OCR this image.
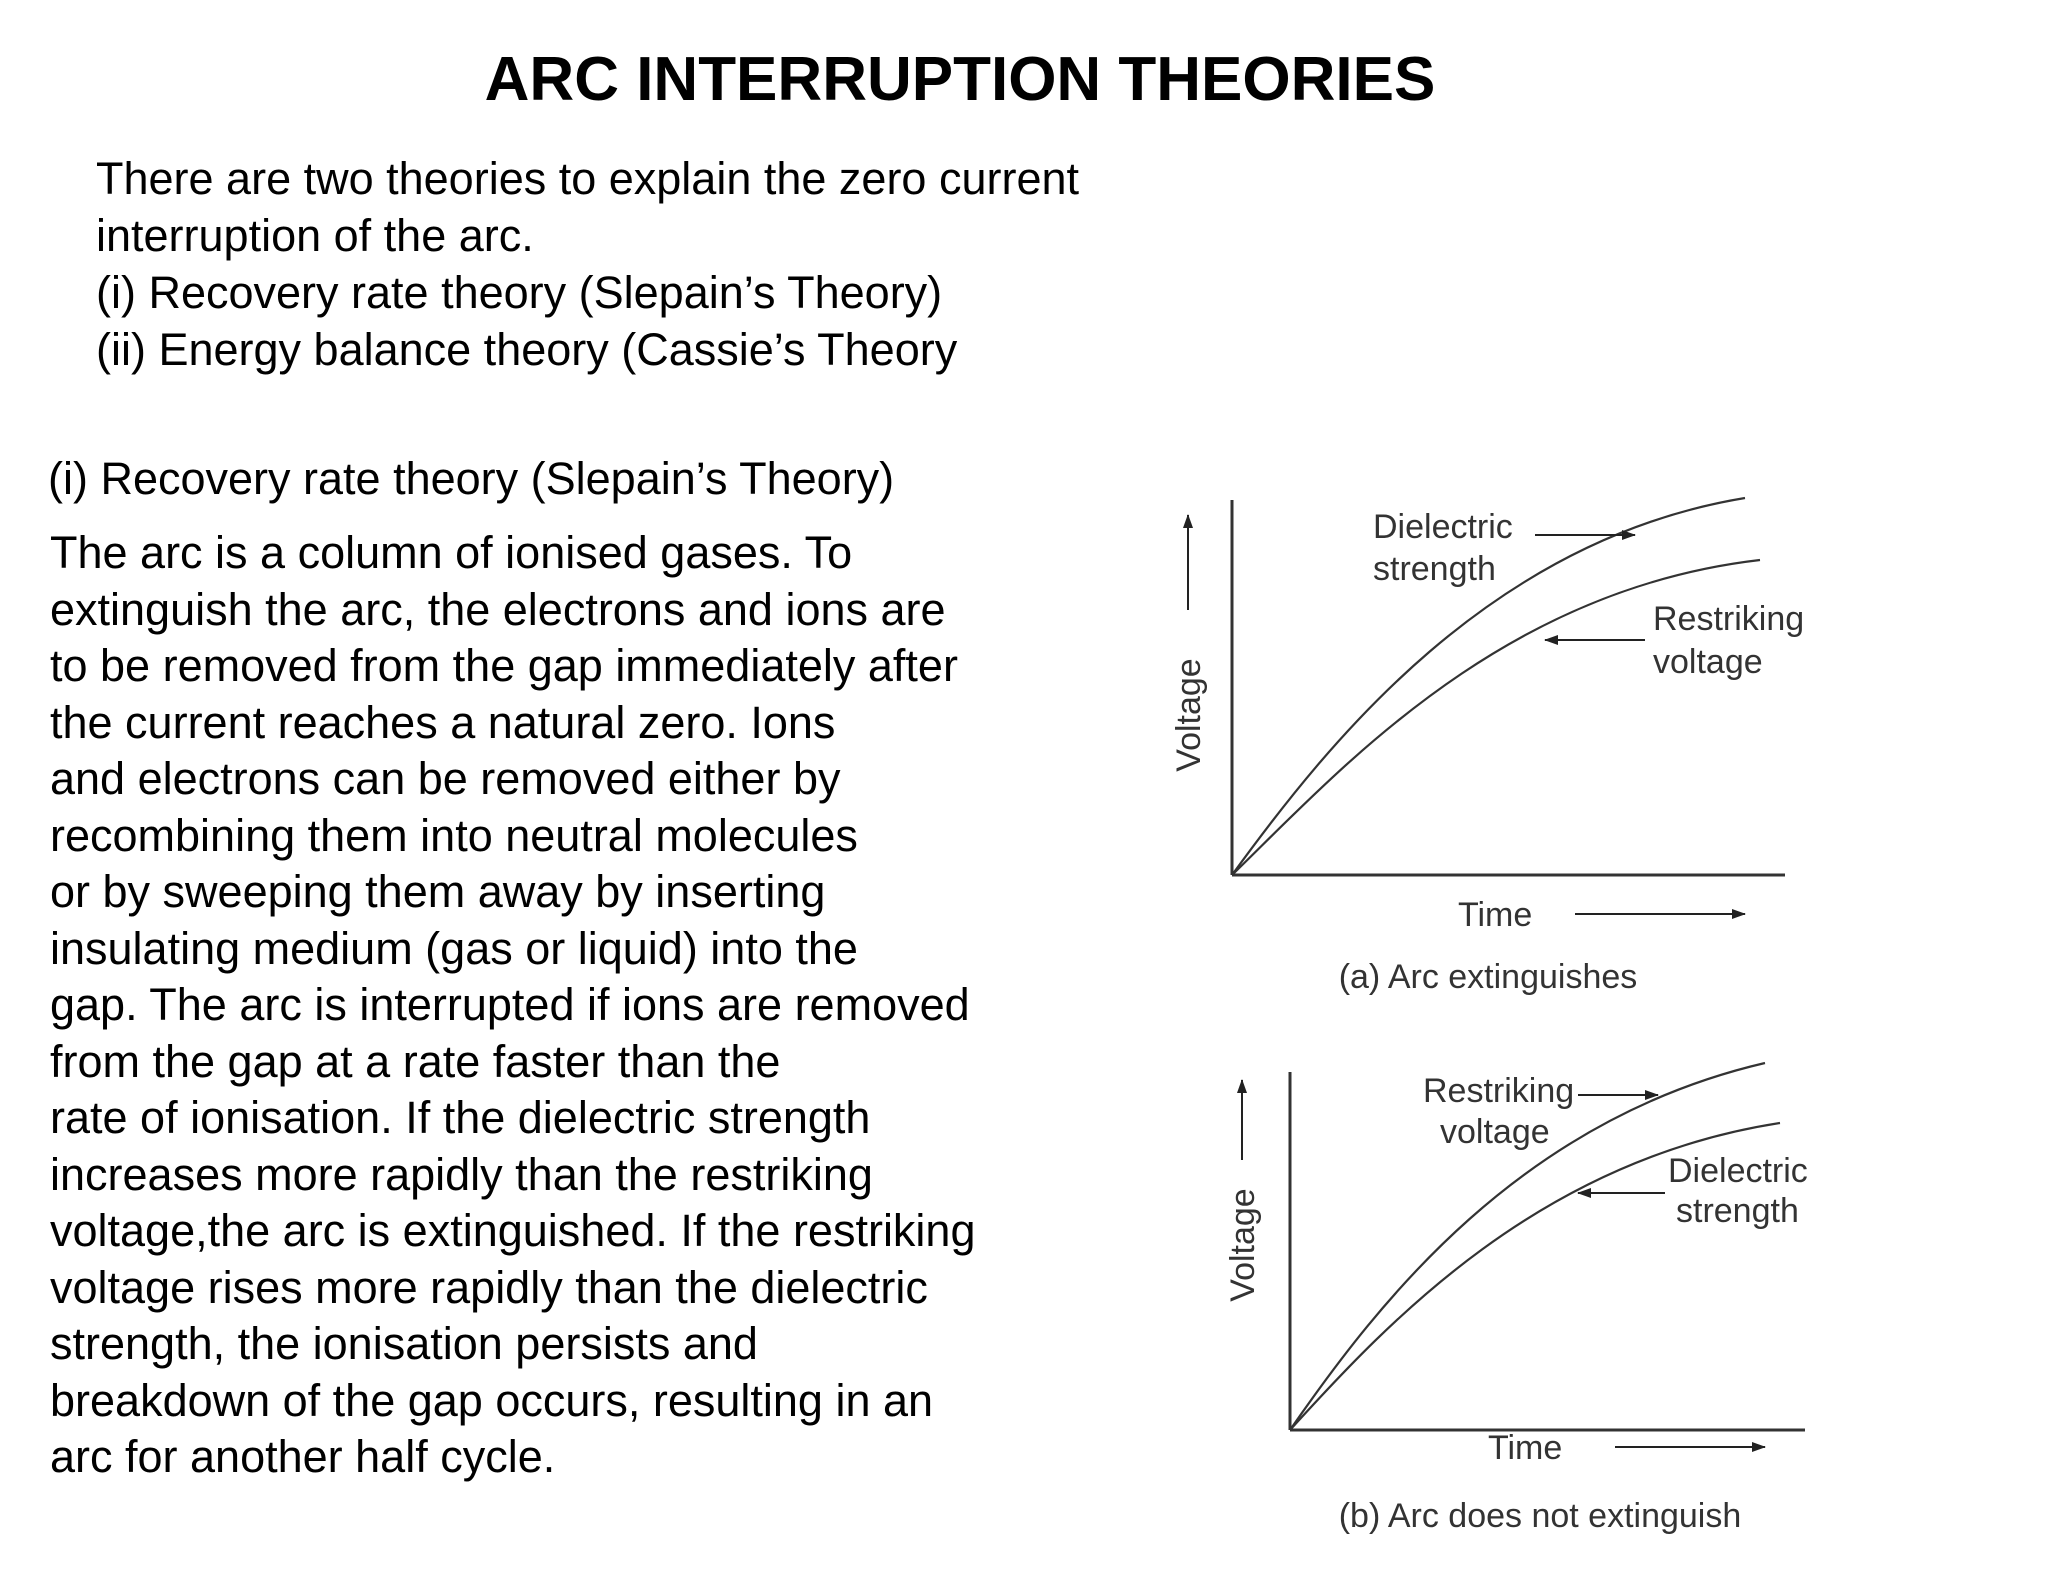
ARC INTERRUPTION THEORIES
There are two theories to explain the zero current
interruption of the arc.
(i) Recovery rate theory (Slepain’s Theory)
(ii) Energy balance theory (Cassie’s Theory
(i) Recovery rate theory (Slepain’s Theory)
The arc is a column of ionised gases. To
extinguish the arc, the electrons and ions are
to be removed from the gap immediately after
the current reaches a natural zero. Ions
and electrons can be removed either by
recombining them into neutral molecules
or by sweeping them away by inserting
insulating medium (gas or liquid) into the
gap. The arc is interrupted if ions are removed
from the gap at a rate faster than the
rate of ionisation. If the dielectric strength
increases more rapidly than the restriking
voltage,the arc is extinguished. If the restriking
voltage rises more rapidly than the dielectric
strength, the ionisation persists and
breakdown of the gap occurs, resulting in an
arc for another half cycle.
Voltage
Dielectric
strength
Restriking
voltage
Time
(a) Arc extinguishes
Voltage
Restriking
voltage
Dielectric
strength
Time
(b) Arc does not extinguish
